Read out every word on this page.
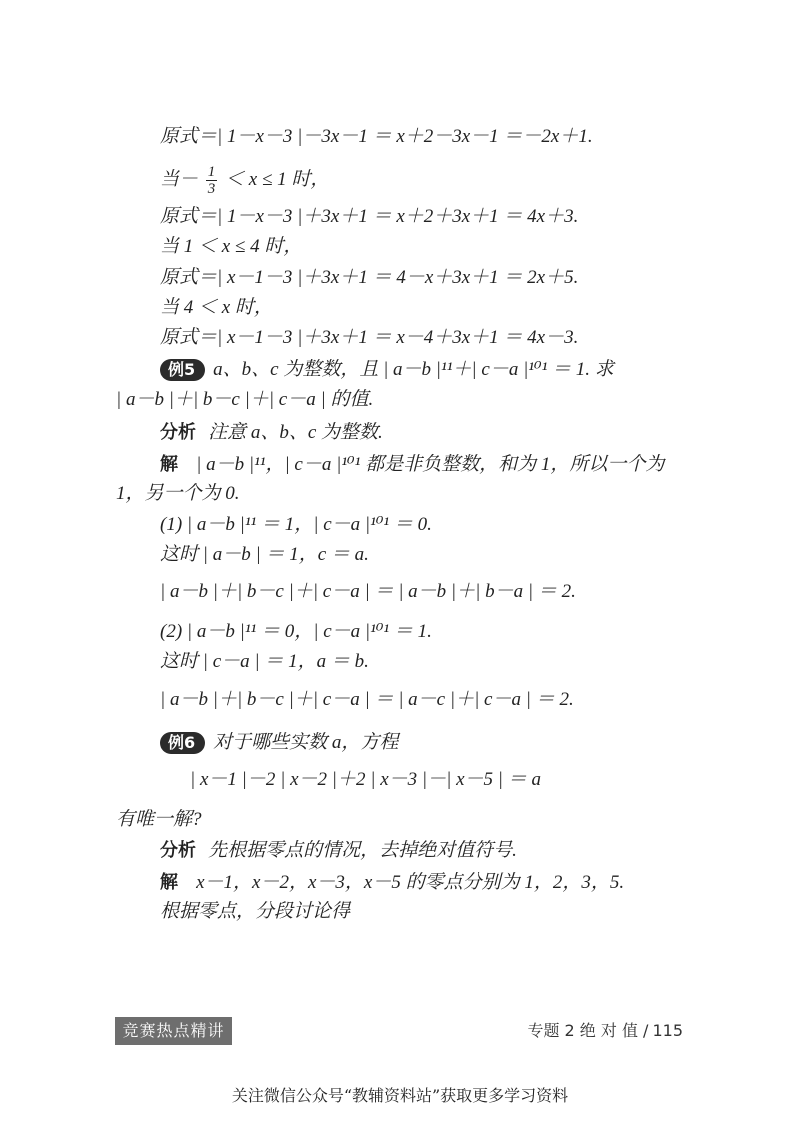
原式＝| 1－x－3 |－3x－1 ＝ x＋2－3x－1 ＝－2x＋1.
当－ $\frac{1}{3} < x \le 1$ 时，
原式＝| 1－x－3 |＋3x＋1 ＝ x＋2＋3x＋1 ＝ 4x＋3.
当 1 ＜ x ≤ 4 时，
原式＝| x－1－3 |＋3x＋1 ＝ 4－x＋3x＋1 ＝ 2x＋5.
当 4 ＜ x 时，
原式＝| x－1－3 |＋3x＋1 ＝ x－4＋3x＋1 ＝ 4x－3.
例5 a、b、c 为整数，且 | a－b |¹¹＋| c－a |¹⁰¹ ＝ 1. 求
| a－b |＋| b－c |＋| c－a | 的值.
分析 注意 a、b、c 为整数.
解 | a－b |¹¹，| c－a |¹⁰¹ 都是非负整数，和为 1，所以一个为
1，另一个为 0.
(1) | a－b |¹¹ ＝ 1，| c－a |¹⁰¹ ＝ 0.
这时 | a－b | ＝ 1，c ＝ a.
| a－b |＋| b－c |＋| c－a | ＝ | a－b |＋| b－a | ＝ 2.
(2) | a－b |¹¹ ＝ 0，| c－a |¹⁰¹ ＝ 1.
这时 | c－a | ＝ 1，a ＝ b.
| a－b |＋| b－c |＋| c－a | ＝ | a－c |＋| c－a | ＝ 2.
例6 对于哪些实数 a，方程
| x－1 |－2 | x－2 |＋2 | x－3 |－| x－5 | ＝ a
有唯一解?
分析 先根据零点的情况，去掉绝对值符号.
解 x－1，x－2，x－3，x－5 的零点分别为 1，2，3，5.
根据零点，分段讨论得
竞赛热点精讲	专题 2 绝 对 值 / 115
关注微信公众号“教辅资料站”获取更多学习资料
